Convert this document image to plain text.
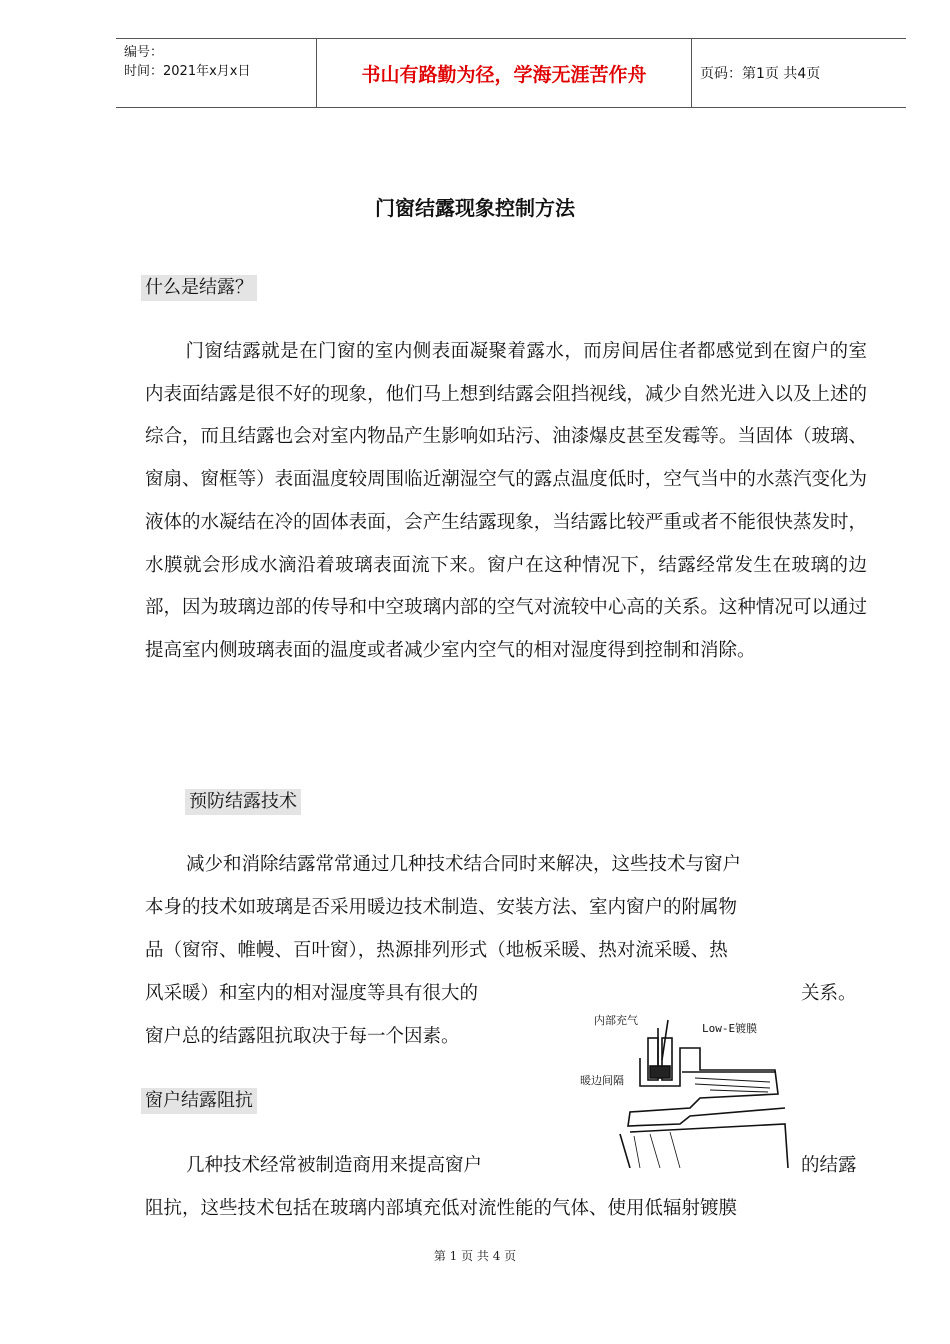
编号：
时间：2021年x月x日	书山有路勤为径，学海无涯苦作舟	页码：第1页 共4页
门窗结露现象控制方法
什么是结露？
门窗结露就是在门窗的室内侧表面凝聚着露水，而房间居住者都感觉到在窗户的室内表面结露是很不好的现象，他们马上想到结露会阻挡视线，减少自然光进入以及上述的综合，而且结露也会对室内物品产生影响如玷污、油漆爆皮甚至发霉等。当固体（玻璃、窗扇、窗框等）表面温度较周围临近潮湿空气的露点温度低时，空气当中的水蒸汽变化为液体的水凝结在冷的固体表面，会产生结露现象，当结露比较严重或者不能很快蒸发时，水膜就会形成水滴沿着玻璃表面流下来。窗户在这种情况下，结露经常发生在玻璃的边部，因为玻璃边部的传导和中空玻璃内部的空气对流较中心高的关系。这种情况可以通过提高室内侧玻璃表面的温度或者减少室内空气的相对湿度得到控制和消除。
预防结露技术
减少和消除结露常常通过几种技术结合同时来解决，这些技术与窗户
本身的技术如玻璃是否采用暖边技术制造、安装方法、室内窗户的附属物
品（窗帘、帷幔、百叶窗），热源排列形式（地板采暖、热对流采暖、热
风采暖）和室内的相对湿度等具有很大的	关系。
窗户总的结露阻抗取决于每一个因素。
窗户结露阻抗
几种技术经常被制造商用来提高窗户	的结露
阻抗，这些技术包括在玻璃内部填充低对流性能的气体、使用低辐射镀膜
内部充气
Low-E镀膜
暖边间隔
第 1 页 共 4 页
